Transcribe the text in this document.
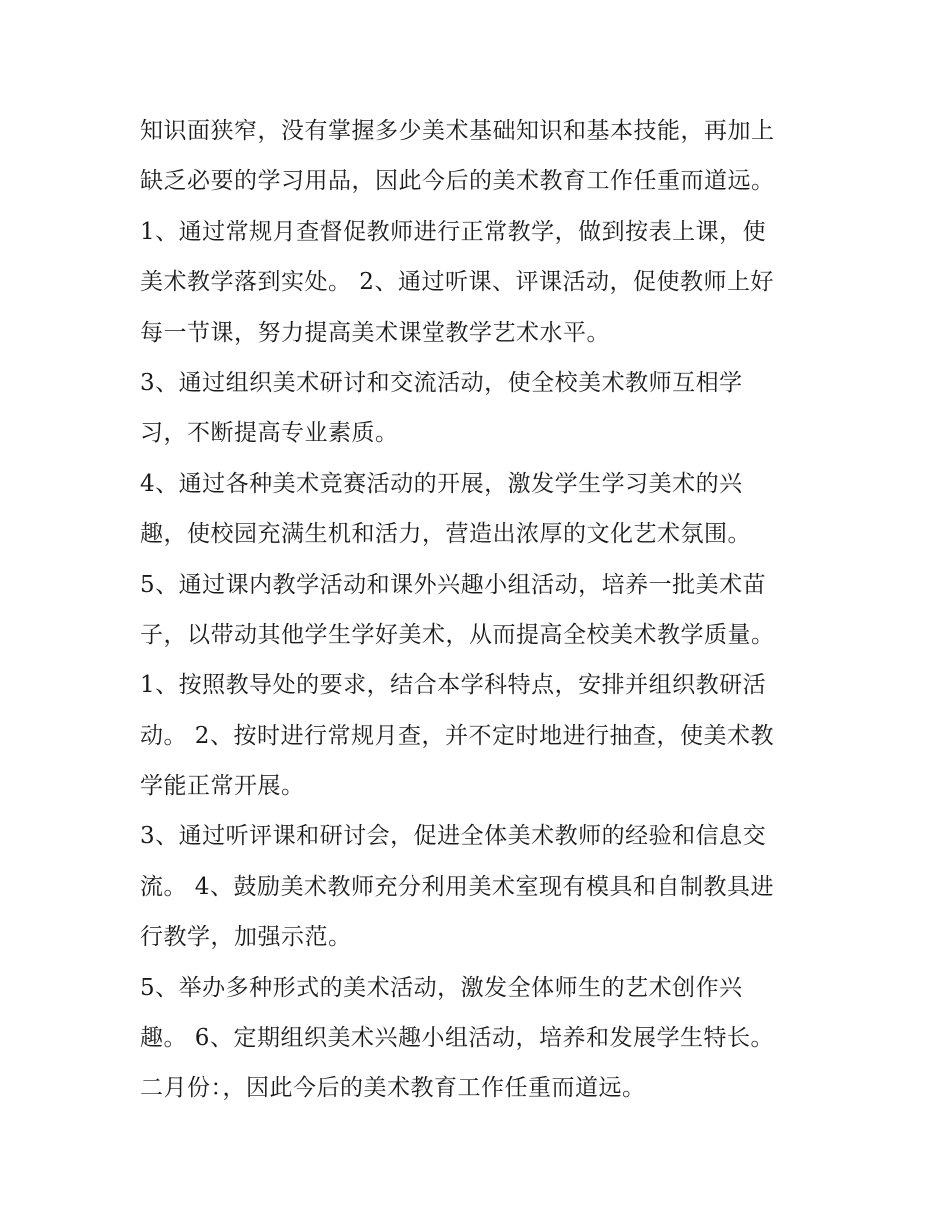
知识面狭窄，没有掌握多少美术基础知识和基本技能，再加上
缺乏必要的学习用品，因此今后的美术教育工作任重而道远。
1、通过常规月查督促教师进行正常教学，做到按表上课，使
美术教学落到实处。 2、通过听课、评课活动，促使教师上好
每一节课，努力提高美术课堂教学艺术水平。
3、通过组织美术研讨和交流活动，使全校美术教师互相学
习，不断提高专业素质。
4、通过各种美术竞赛活动的开展，激发学生学习美术的兴
趣，使校园充满生机和活力，营造出浓厚的文化艺术氛围。
5、通过课内教学活动和课外兴趣小组活动，培养一批美术苗
子，以带动其他学生学好美术，从而提高全校美术教学质量。
1、按照教导处的要求，结合本学科特点，安排并组织教研活
动。 2、按时进行常规月查，并不定时地进行抽查，使美术教
学能正常开展。
3、通过听评课和研讨会，促进全体美术教师的经验和信息交
流。 4、鼓励美术教师充分利用美术室现有模具和自制教具进
行教学，加强示范。
5、举办多种形式的美术活动，激发全体师生的艺术创作兴
趣。 6、定期组织美术兴趣小组活动，培养和发展学生特长。
二月份：，因此今后的美术教育工作任重而道远。
